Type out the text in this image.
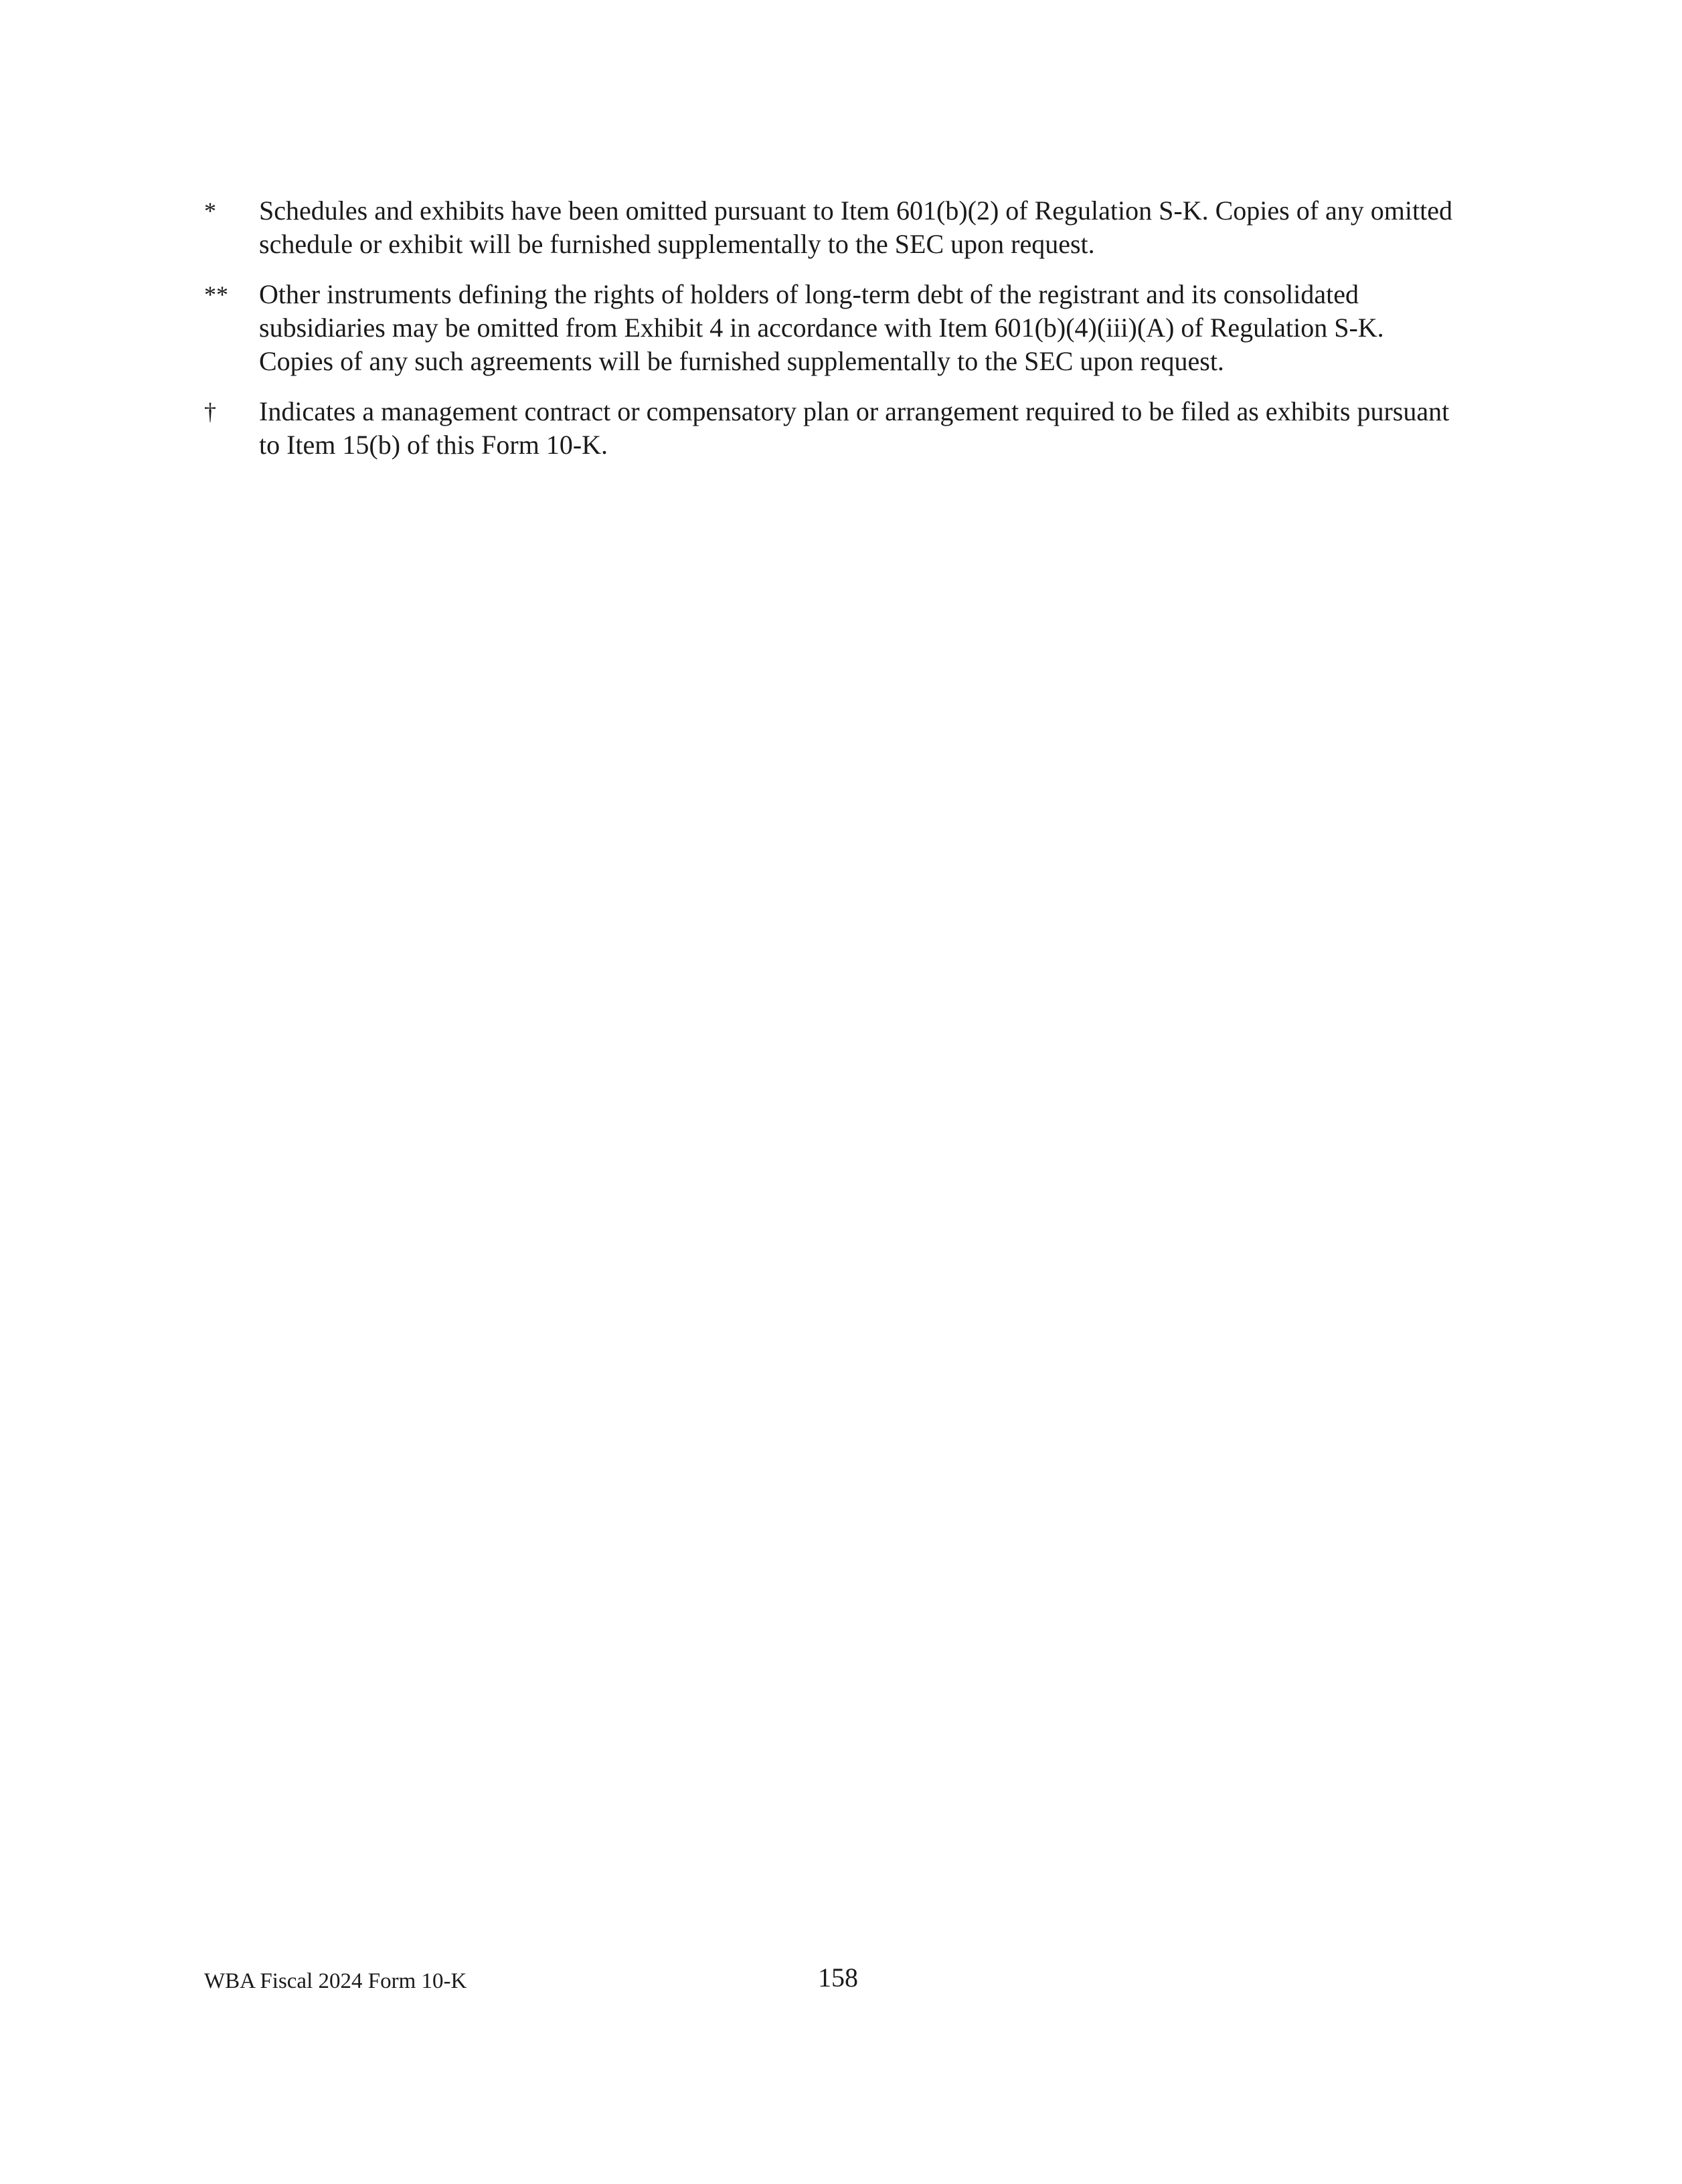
*	Schedules and exhibits have been omitted pursuant to Item 601(b)(2) of Regulation S-K. Copies of any omitted schedule or exhibit will be furnished supplementally to the SEC upon request.
**	Other instruments defining the rights of holders of long-term debt of the registrant and its consolidated subsidiaries may be omitted from Exhibit 4 in accordance with Item 601(b)(4)(iii)(A) of Regulation S-K. Copies of any such agreements will be furnished supplementally to the SEC upon request.
†	Indicates a management contract or compensatory plan or arrangement required to be filed as exhibits pursuant to Item 15(b) of this Form 10-K.
WBA Fiscal 2024 Form 10-K	158
